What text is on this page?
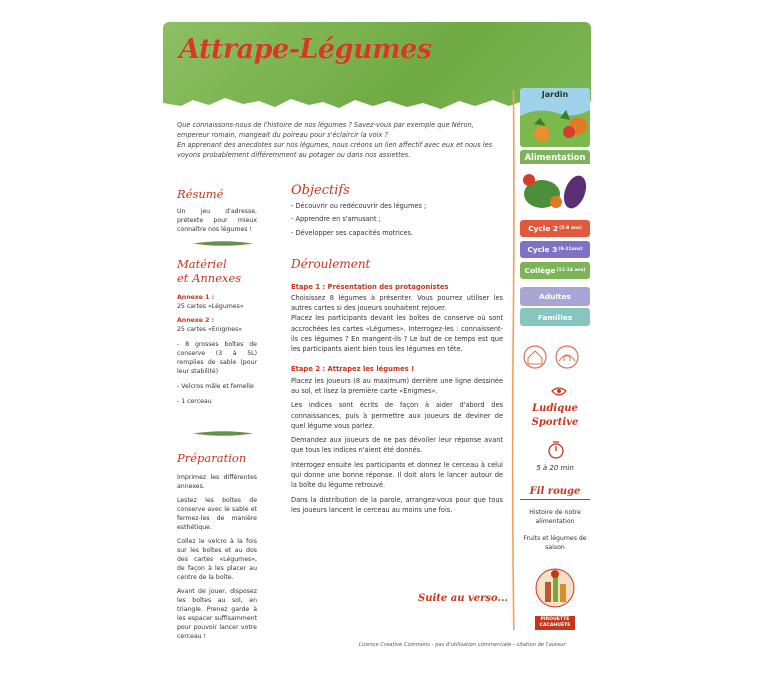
Attrape-Légumes

Que connaissons-nous de l'histoire de nos légumes ? Savez-vous par exemple que Néron, empereur romain, mangeait du poireau pour s'éclaircir la voix ?

En apprenant des anecdotes sur nos légumes, nous créons un lien affectif avec eux et nous les voyons probablement différemment au potager ou dans nos assiettes.

Résumé
Un jeu d'adresse, prétexte pour mieux connaître nos légumes !
Matériel
et Annexes
Annexe 1 :
25 cartes «Légumes»
Annexe 2 :
25 cartes «Enigmes»
- 8 grosses boîtes de conserve (3 à 5L) remplies de sable (pour leur stabilité)
- Velcros mâle et femelle
- 1 cerceau
Préparation
Imprimez les différentes annexes.
Lestez les boîtes de conserve avec le sable et fermez-les de manière esthétique.
Collez le velcro à la fois sur les boîtes et au dos des cartes «Légumes», de façon à les placer au centre de la boîte.
Avant de jouer, disposez les boîtes au sol, en triangle. Prenez garde à les espacer suffisamment pour pouvoir lancer votre cerceau !
Objectifs
- Découvrir ou redécouvrir des légumes ;
- Apprendre en s'amusant ;
- Développer ses capacités motrices.
Déroulement
Etape 1 : Présentation des protagonistes
Choisissez 8 légumes à présenter. Vous pourrez utiliser les autres cartes si des joueurs souhaitent rejouer.
Placez les participants devant les boîtes de conserve où sont accrochées les cartes «Légumes». Interrogez-les : connaissent-ils ces légumes ? En mangent-ils ? Le but de ce temps est que les participants aient bien tous les légumes en tête.
Etape 2 : Attrapez les légumes !
Placez les joueurs (8 au maximum) derrière une ligne dessinée au sol, et lisez la première carte «Enigmes».
Les indices sont écrits de façon à aider d'abord des connaissances, puis à permettre aux joueurs de deviner de quel légume vous parlez.
Demandez aux joueurs de ne pas dévoiler leur réponse avant que tous les indices n'aient été donnés.
Interrogez ensuite les participants et donnez le cerceau à celui qui donne une bonne réponse. Il doit alors le lancer autour de la boîte du légume retrouvé.
Dans la distribution de la parole, arrangez-vous pour que tous les joueurs lancent le cerceau au moins une fois.
Jardin
Alimentation
Cycle 2 (5-8 ans)
Cycle 3 (9-11ans)
Collège (11-14 ans)
Adultes
Familles
Ludique
Sportive
5 à 20 min
Fil rouge
Histoire de notre alimentation
Fruits et légumes de saison
PIROUETTE
CACAHUÈTE
Suite au verso...
Licence Creative Commons - pas d'utilisation commerciale - citation de l'auteur
